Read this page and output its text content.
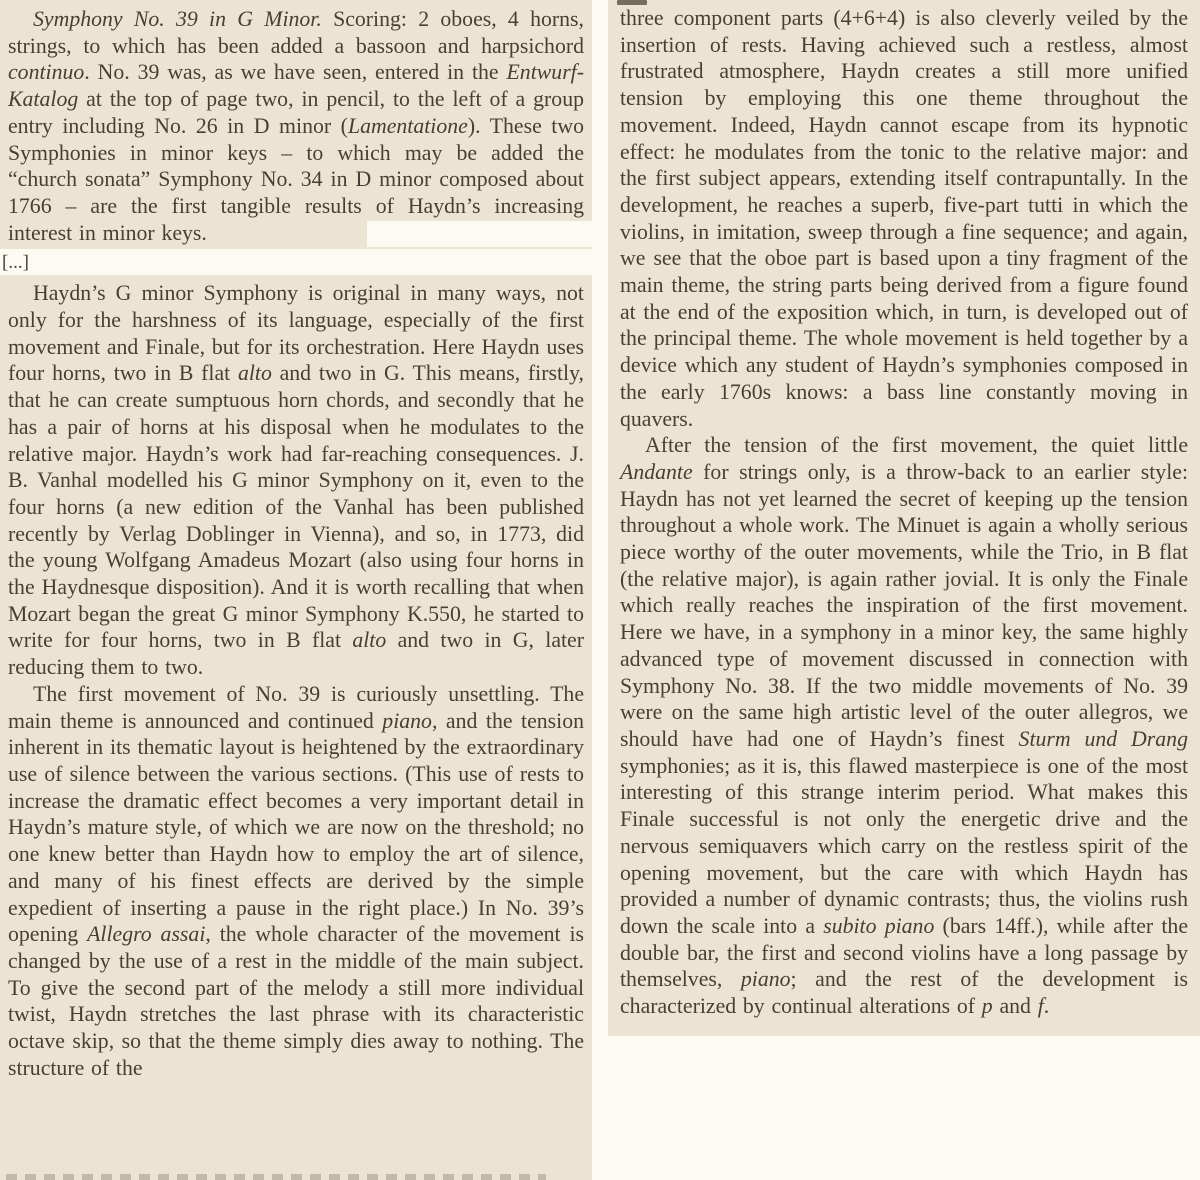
Symphony No. 39 in G Minor. Scoring: 2 oboes, 4 horns, strings, to which has been added a bassoon and harpsichord continuo. No. 39 was, as we have seen, entered in the Entwurf-Katalog at the top of page two, in pencil, to the left of a group entry including No. 26 in D minor (Lamentatione). These two Symphonies in minor keys – to which may be added the “church sonata” Symphony No. 34 in D minor composed about 1766 – are the first tangible results of Haydn’s increasing interest in minor keys.

[...]

Haydn’s G minor Symphony is original in many ways, not only for the harshness of its language, especially of the first movement and Finale, but for its orchestration. Here Haydn uses four horns, two in B flat alto and two in G. This means, firstly, that he can create sumptuous horn chords, and secondly that he has a pair of horns at his disposal when he modulates to the relative major. Haydn’s work had far-reaching consequences. J. B. Vanhal modelled his G minor Symphony on it, even to the four horns (a new edition of the Vanhal has been published recently by Verlag Doblinger in Vienna), and so, in 1773, did the young Wolfgang Amadeus Mozart (also using four horns in the Haydnesque disposition). And it is worth recalling that when Mozart began the great G minor Symphony K.550, he started to write for four horns, two in B flat alto and two in G, later reducing them to two.

The first movement of No. 39 is curiously unsettling. The main theme is announced and continued piano, and the tension inherent in its thematic layout is heightened by the extraordinary use of silence between the various sections. (This use of rests to increase the dramatic effect becomes a very important detail in Haydn’s mature style, of which we are now on the threshold; no one knew better than Haydn how to employ the art of silence, and many of his finest effects are derived by the simple expedient of inserting a pause in the right place.) In No. 39’s opening Allegro assai, the whole character of the movement is changed by the use of a rest in the middle of the main subject. To give the second part of the melody a still more individual twist, Haydn stretches the last phrase with its characteristic octave skip, so that the theme simply dies away to nothing. The structure of the

three component parts (4+6+4) is also cleverly veiled by the insertion of rests. Having achieved such a restless, almost frustrated atmosphere, Haydn creates a still more unified tension by employing this one theme throughout the movement. Indeed, Haydn cannot escape from its hypnotic effect: he modulates from the tonic to the relative major: and the first subject appears, extending itself contrapuntally. In the development, he reaches a superb, five-part tutti in which the violins, in imitation, sweep through a fine sequence; and again, we see that the oboe part is based upon a tiny fragment of the main theme, the string parts being derived from a figure found at the end of the exposition which, in turn, is developed out of the principal theme. The whole movement is held together by a device which any student of Haydn’s symphonies composed in the early 1760s knows: a bass line constantly moving in quavers.

After the tension of the first movement, the quiet little Andante for strings only, is a throw-back to an earlier style: Haydn has not yet learned the secret of keeping up the tension throughout a whole work. The Minuet is again a wholly serious piece worthy of the outer movements, while the Trio, in B flat (the relative major), is again rather jovial. It is only the Finale which really reaches the inspiration of the first movement. Here we have, in a symphony in a minor key, the same highly advanced type of movement discussed in connection with Symphony No. 38. If the two middle movements of No. 39 were on the same high artistic level of the outer allegros, we should have had one of Haydn’s finest Sturm und Drang symphonies; as it is, this flawed masterpiece is one of the most interesting of this strange interim period. What makes this Finale successful is not only the energetic drive and the nervous semiquavers which carry on the restless spirit of the opening movement, but the care with which Haydn has provided a number of dynamic contrasts; thus, the violins rush down the scale into a subito piano (bars 14ff.), while after the double bar, the first and second violins have a long passage by themselves, piano; and the rest of the development is characterized by continual alterations of p and f.
